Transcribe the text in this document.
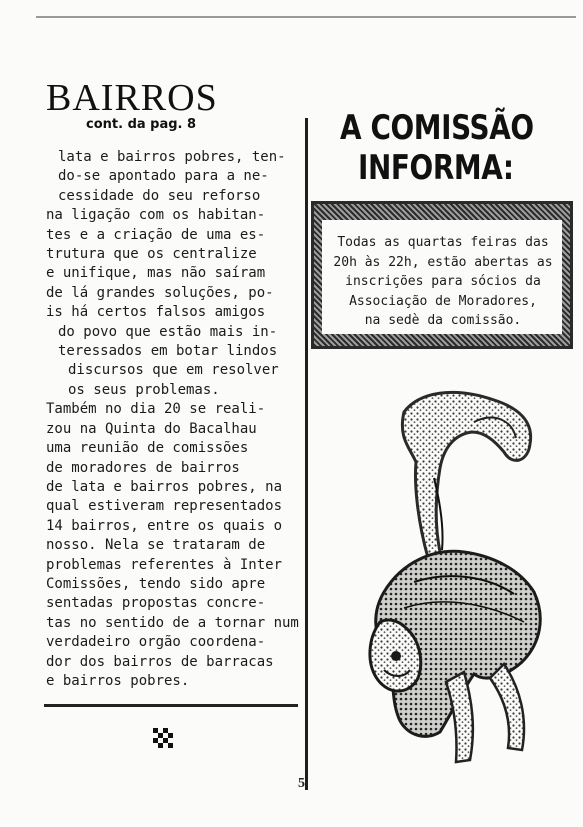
BAIRROS
cont. da pag. 8
lata e bairros pobres, ten-
do-se apontado para a ne-
cessidade do seu reforso
na ligação com os habitan-
tes e a criação de uma es-
trutura que os centralize
e unifique, mas não saíram
de lá grandes soluções, po-
is há certos falsos amigos
do povo que estão mais in-
teressados em botar lindos
discursos que em resolver
os seus problemas.
Também no dia 20 se reali-
zou na Quinta do Bacalhau
uma reunião de comissões
de moradores de bairros
de lata e bairros pobres, na
qual estiveram representados
14 bairros, entre os quais o
nosso. Nela se trataram de
problemas referentes à Inter
Comissões, tendo sido apre
sentadas propostas concre-
tas no sentido de a tornar num
verdadeiro orgão coordena-
dor dos bairros de barracas
e bairros pobres.
5
A COMISSÃO
INFORMA:
Todas as quartas feiras das
20h às 22h, estão abertas as
inscrições para sócios da
Associação de Moradores,
na sedè da comissão.
